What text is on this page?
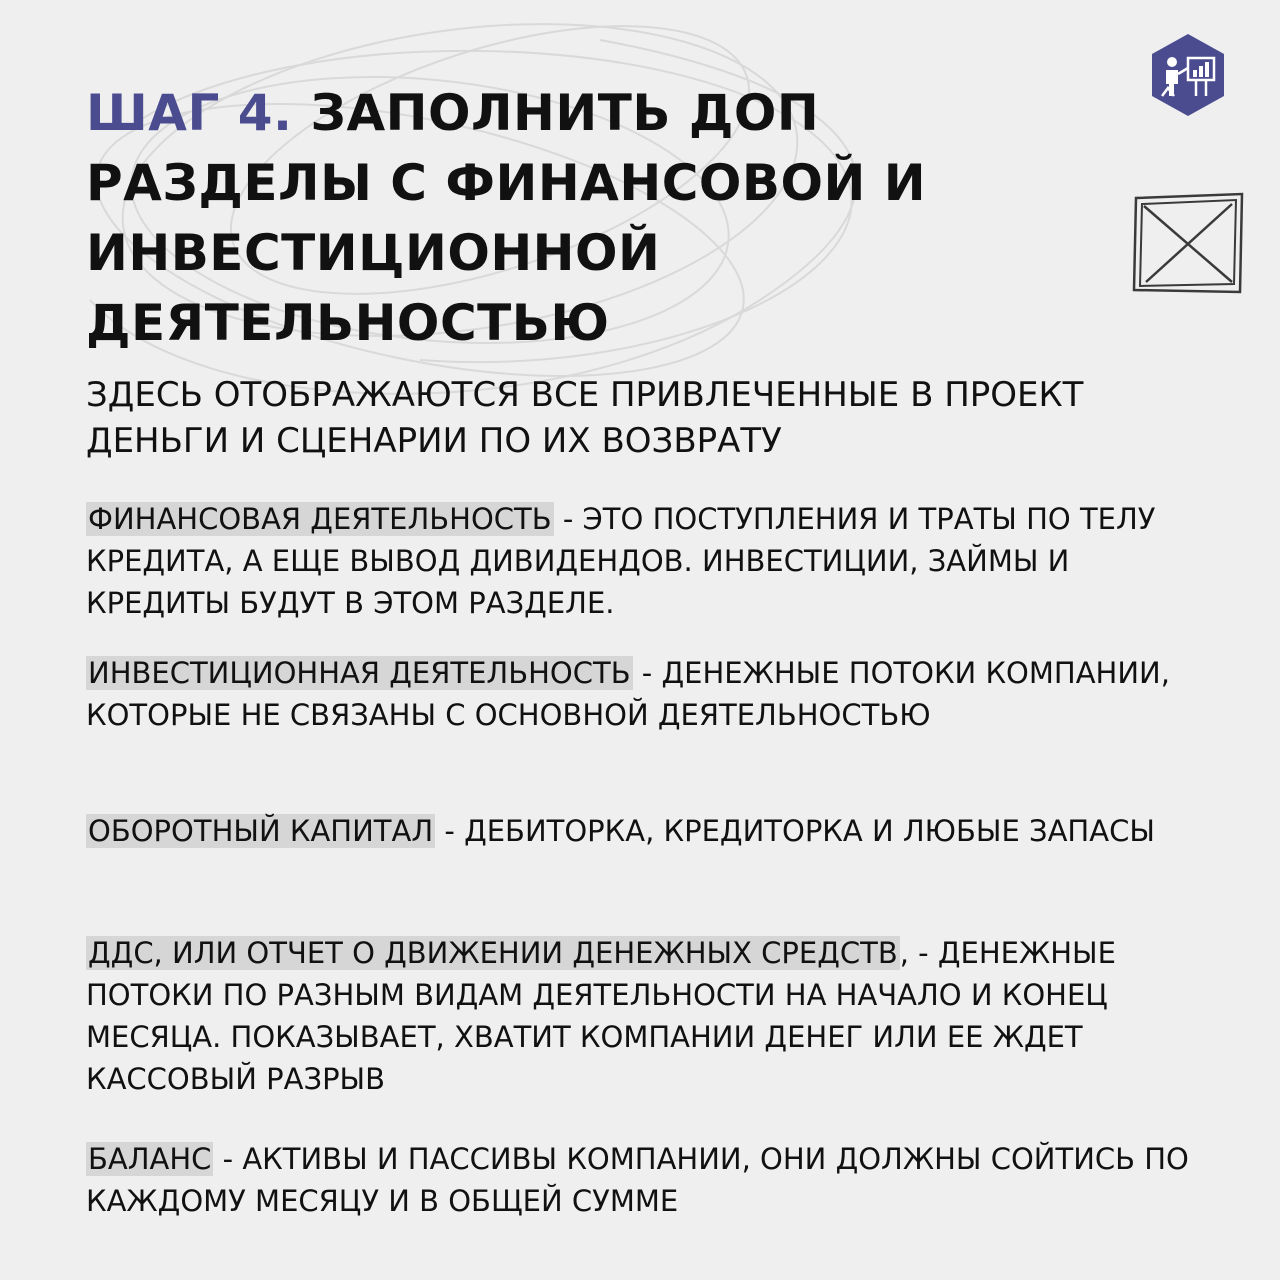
ШАГ 4. ЗАПОЛНИТЬ ДОП РАЗДЕЛЫ С ФИНАНСОВОЙ И ИНВЕСТИЦИОННОЙ ДЕЯТЕЛЬНОСТЬЮ

ЗДЕСЬ ОТОБРАЖАЮТСЯ ВСЕ ПРИВЛЕЧЕННЫЕ В ПРОЕКТ ДЕНЬГИ И СЦЕНАРИИ ПО ИХ ВОЗВРАТУ

ФИНАНСОВАЯ ДЕЯТЕЛЬНОСТЬ - ЭТО ПОСТУПЛЕНИЯ И ТРАТЫ ПО ТЕЛУ КРЕДИТА, А ЕЩЕ ВЫВОД ДИВИДЕНДОВ. ИНВЕСТИЦИИ, ЗАЙМЫ И КРЕДИТЫ БУДУТ В ЭТОМ РАЗДЕЛЕ.

ИНВЕСТИЦИОННАЯ ДЕЯТЕЛЬНОСТЬ - ДЕНЕЖНЫЕ ПОТОКИ КОМПАНИИ, КОТОРЫЕ НЕ СВЯЗАНЫ С ОСНОВНОЙ ДЕЯТЕЛЬНОСТЬЮ

ОБОРОТНЫЙ КАПИТАЛ - ДЕБИТОРКА, КРЕДИТОРКА И ЛЮБЫЕ ЗАПАСЫ

ДДС, ИЛИ ОТЧЕТ О ДВИЖЕНИИ ДЕНЕЖНЫХ СРЕДСТВ, - ДЕНЕЖНЫЕ ПОТОКИ ПО РАЗНЫМ ВИДАМ ДЕЯТЕЛЬНОСТИ НА НАЧАЛО И КОНЕЦ МЕСЯЦА. ПОКАЗЫВАЕТ, ХВАТИТ КОМПАНИИ ДЕНЕГ ИЛИ ЕЕ ЖДЕТ КАССОВЫЙ РАЗРЫВ

БАЛАНС - АКТИВЫ И ПАССИВЫ КОМПАНИИ, ОНИ ДОЛЖНЫ СОЙТИСЬ ПО КАЖДОМУ МЕСЯЦУ И В ОБЩЕЙ СУММЕ
